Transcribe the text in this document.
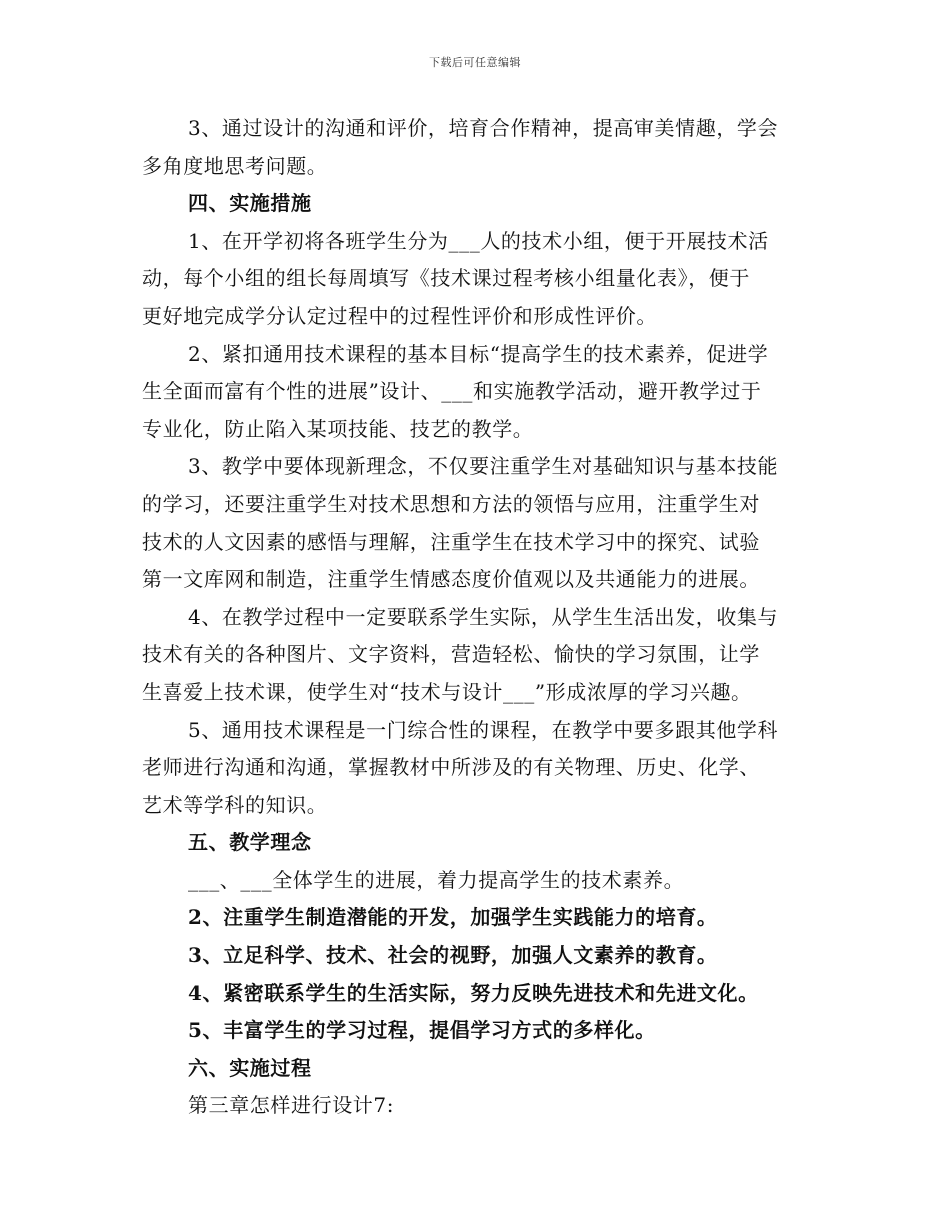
下载后可任意编辑
3、通过设计的沟通和评价，培育合作精神，提高审美情趣，学会
多角度地思考问题。
四、实施措施
1、在开学初将各班学生分为___人的技术小组，便于开展技术活
动，每个小组的组长每周填写《技术课过程考核小组量化表》，便于
更好地完成学分认定过程中的过程性评价和形成性评价。
2、紧扣通用技术课程的基本目标“提高学生的技术素养，促进学
生全面而富有个性的进展”设计、___和实施教学活动，避开教学过于
专业化，防止陷入某项技能、技艺的教学。
3、教学中要体现新理念，不仅要注重学生对基础知识与基本技能
的学习，还要注重学生对技术思想和方法的领悟与应用，注重学生对
技术的人文因素的感悟与理解，注重学生在技术学习中的探究、试验
第一文库网和制造，注重学生情感态度价值观以及共通能力的进展。
4、在教学过程中一定要联系学生实际，从学生生活出发，收集与
技术有关的各种图片、文字资料，营造轻松、愉快的学习氛围，让学
生喜爱上技术课，使学生对“技术与设计___”形成浓厚的学习兴趣。
5、通用技术课程是一门综合性的课程，在教学中要多跟其他学科
老师进行沟通和沟通，掌握教材中所涉及的有关物理、历史、化学、
艺术等学科的知识。
五、教学理念
___、___全体学生的进展，着力提高学生的技术素养。
2、注重学生制造潜能的开发，加强学生实践能力的培育。
3、立足科学、技术、社会的视野，加强人文素养的教育。
4、紧密联系学生的生活实际，努力反映先进技术和先进文化。
5、丰富学生的学习过程，提倡学习方式的多样化。
六、实施过程
第三章怎样进行设计7:
